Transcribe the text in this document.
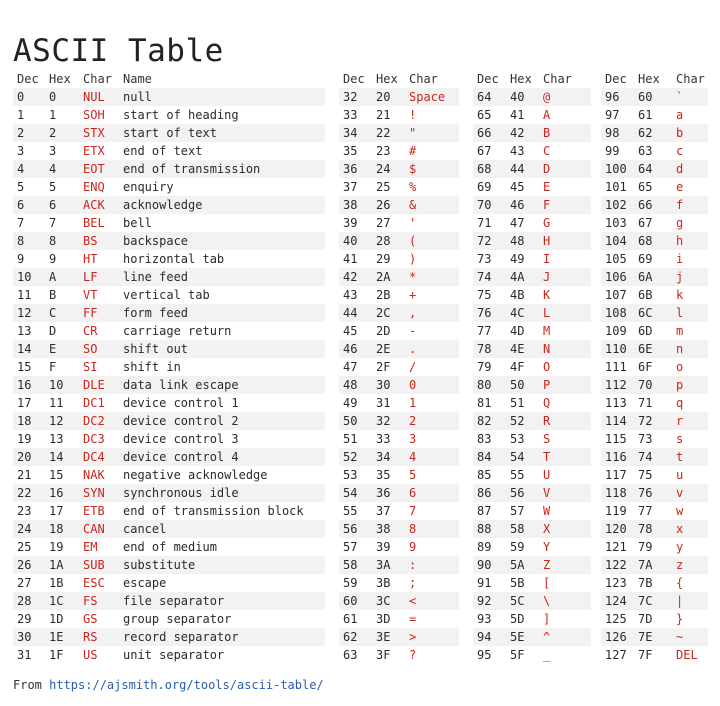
ASCII Table
Dec	Hex	Char	Name
0	0	NUL	null
1	1	SOH	start of heading
2	2	STX	start of text
3	3	ETX	end of text
4	4	EOT	end of transmission
5	5	ENQ	enquiry
6	6	ACK	acknowledge
7	7	BEL	bell
8	8	BS	backspace
9	9	HT	horizontal tab
10	A	LF	line feed
11	B	VT	vertical tab
12	C	FF	form feed
13	D	CR	carriage return
14	E	SO	shift out
15	F	SI	shift in
16	10	DLE	data link escape
17	11	DC1	device control 1
18	12	DC2	device control 2
19	13	DC3	device control 3
20	14	DC4	device control 4
21	15	NAK	negative acknowledge
22	16	SYN	synchronous idle
23	17	ETB	end of transmission block
24	18	CAN	cancel
25	19	EM	end of medium
26	1A	SUB	substitute
27	1B	ESC	escape
28	1C	FS	file separator
29	1D	GS	group separator
30	1E	RS	record separator
31	1F	US	unit separator
Dec	Hex	Char
32	20	Space
33	21	!
34	22	"
35	23	#
36	24	$
37	25	%
38	26	&
39	27	'
40	28	(
41	29	)
42	2A	*
43	2B	+
44	2C	,
45	2D	-
46	2E	.
47	2F	/
48	30	0
49	31	1
50	32	2
51	33	3
52	34	4
53	35	5
54	36	6
55	37	7
56	38	8
57	39	9
58	3A	:
59	3B	;
60	3C	<
61	3D	=
62	3E	>
63	3F	?
Dec	Hex	Char
64	40	@
65	41	A
66	42	B
67	43	C
68	44	D
69	45	E
70	46	F
71	47	G
72	48	H
73	49	I
74	4A	J
75	4B	K
76	4C	L
77	4D	M
78	4E	N
79	4F	O
80	50	P
81	51	Q
82	52	R
83	53	S
84	54	T
85	55	U
86	56	V
87	57	W
88	58	X
89	59	Y
90	5A	Z
91	5B	[
92	5C	\
93	5D	]
94	5E	^
95	5F	_
Dec	Hex	Char
96	60	`
97	61	a
98	62	b
99	63	c
100	64	d
101	65	e
102	66	f
103	67	g
104	68	h
105	69	i
106	6A	j
107	6B	k
108	6C	l
109	6D	m
110	6E	n
111	6F	o
112	70	p
113	71	q
114	72	r
115	73	s
116	74	t
117	75	u
118	76	v
119	77	w
120	78	x
121	79	y
122	7A	z
123	7B	{
124	7C	|
125	7D	}
126	7E	~
127	7F	DEL
From https://ajsmith.org/tools/ascii-table/
